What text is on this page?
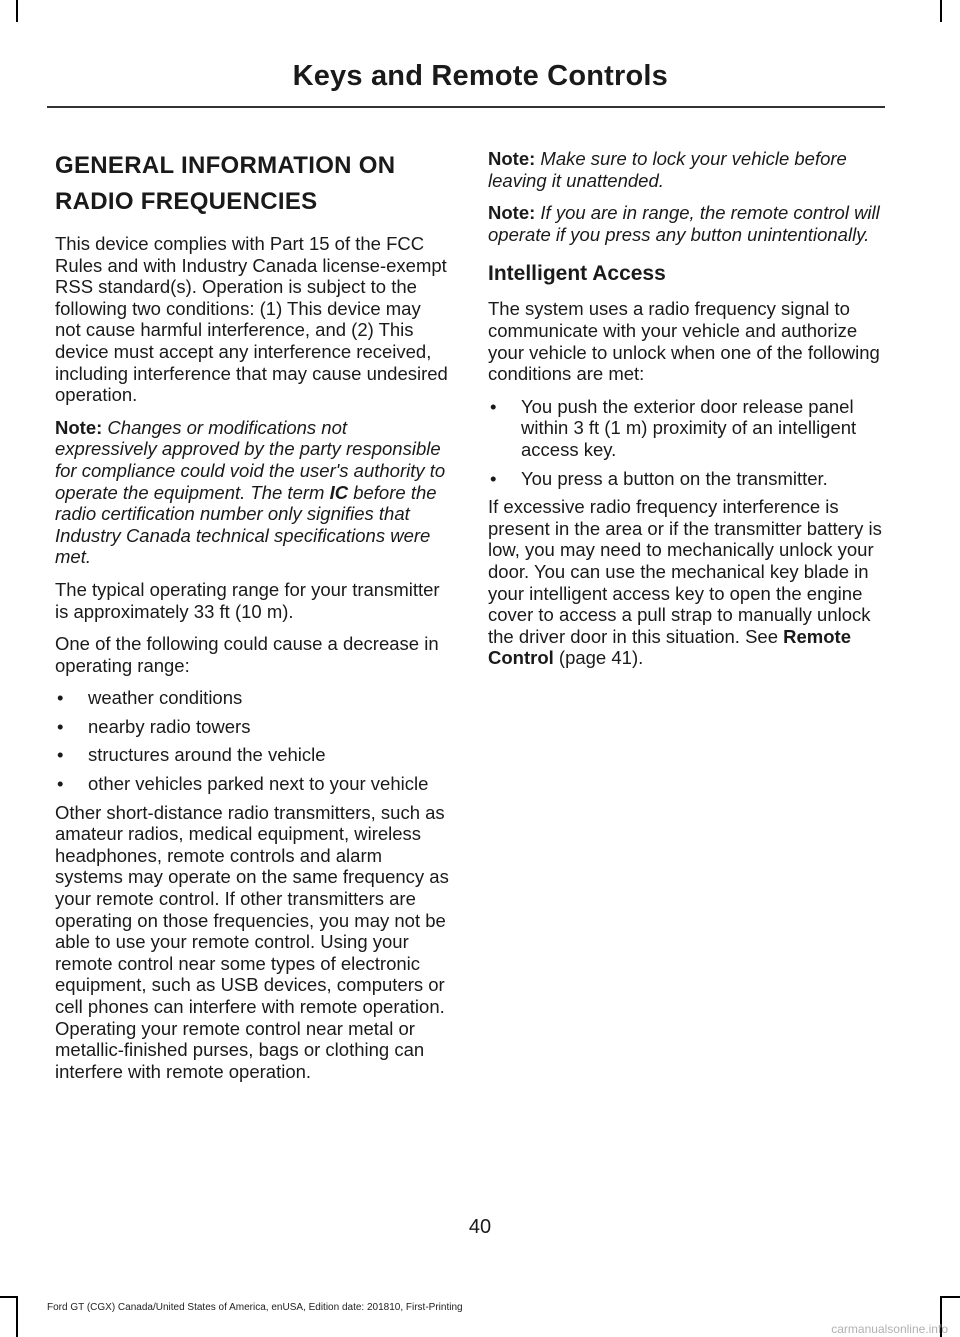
Keys and Remote Controls
GENERAL INFORMATION ON RADIO FREQUENCIES

This device complies with Part 15 of the FCC Rules and with Industry Canada license-exempt RSS standard(s). Operation is subject to the following two conditions: (1) This device may not cause harmful interference, and (2) This device must accept any interference received, including interference that may cause undesired operation.

Note: Changes or modifications not expressively approved by the party responsible for compliance could void the user's authority to operate the equipment. The term IC before the radio certification number only signifies that Industry Canada technical specifications were met.

The typical operating range for your transmitter is approximately 33 ft (10 m).

One of the following could cause a decrease in operating range:

• weather conditions
• nearby radio towers
• structures around the vehicle
• other vehicles parked next to your vehicle

Other short-distance radio transmitters, such as amateur radios, medical equipment, wireless headphones, remote controls and alarm systems may operate on the same frequency as your remote control. If other transmitters are operating on those frequencies, you may not be able to use your remote control. Using your remote control near some types of electronic equipment, such as USB devices, computers or cell phones can interfere with remote operation. Operating your remote control near metal or metallic-finished purses, bags or clothing can interfere with remote operation.

Note: Make sure to lock your vehicle before leaving it unattended.

Note: If you are in range, the remote control will operate if you press any button unintentionally.

Intelligent Access

The system uses a radio frequency signal to communicate with your vehicle and authorize your vehicle to unlock when one of the following conditions are met:

• You push the exterior door release panel within 3 ft (1 m) proximity of an intelligent access key.
• You press a button on the transmitter.

If excessive radio frequency interference is present in the area or if the transmitter battery is low, you may need to mechanically unlock your door. You can use the mechanical key blade in your intelligent access key to open the engine cover to access a pull strap to manually unlock the driver door in this situation. See Remote Control (page 41).

40
Ford GT (CGX) Canada/United States of America, enUSA, Edition date: 201810, First-Printing
carmanualsonline.info
